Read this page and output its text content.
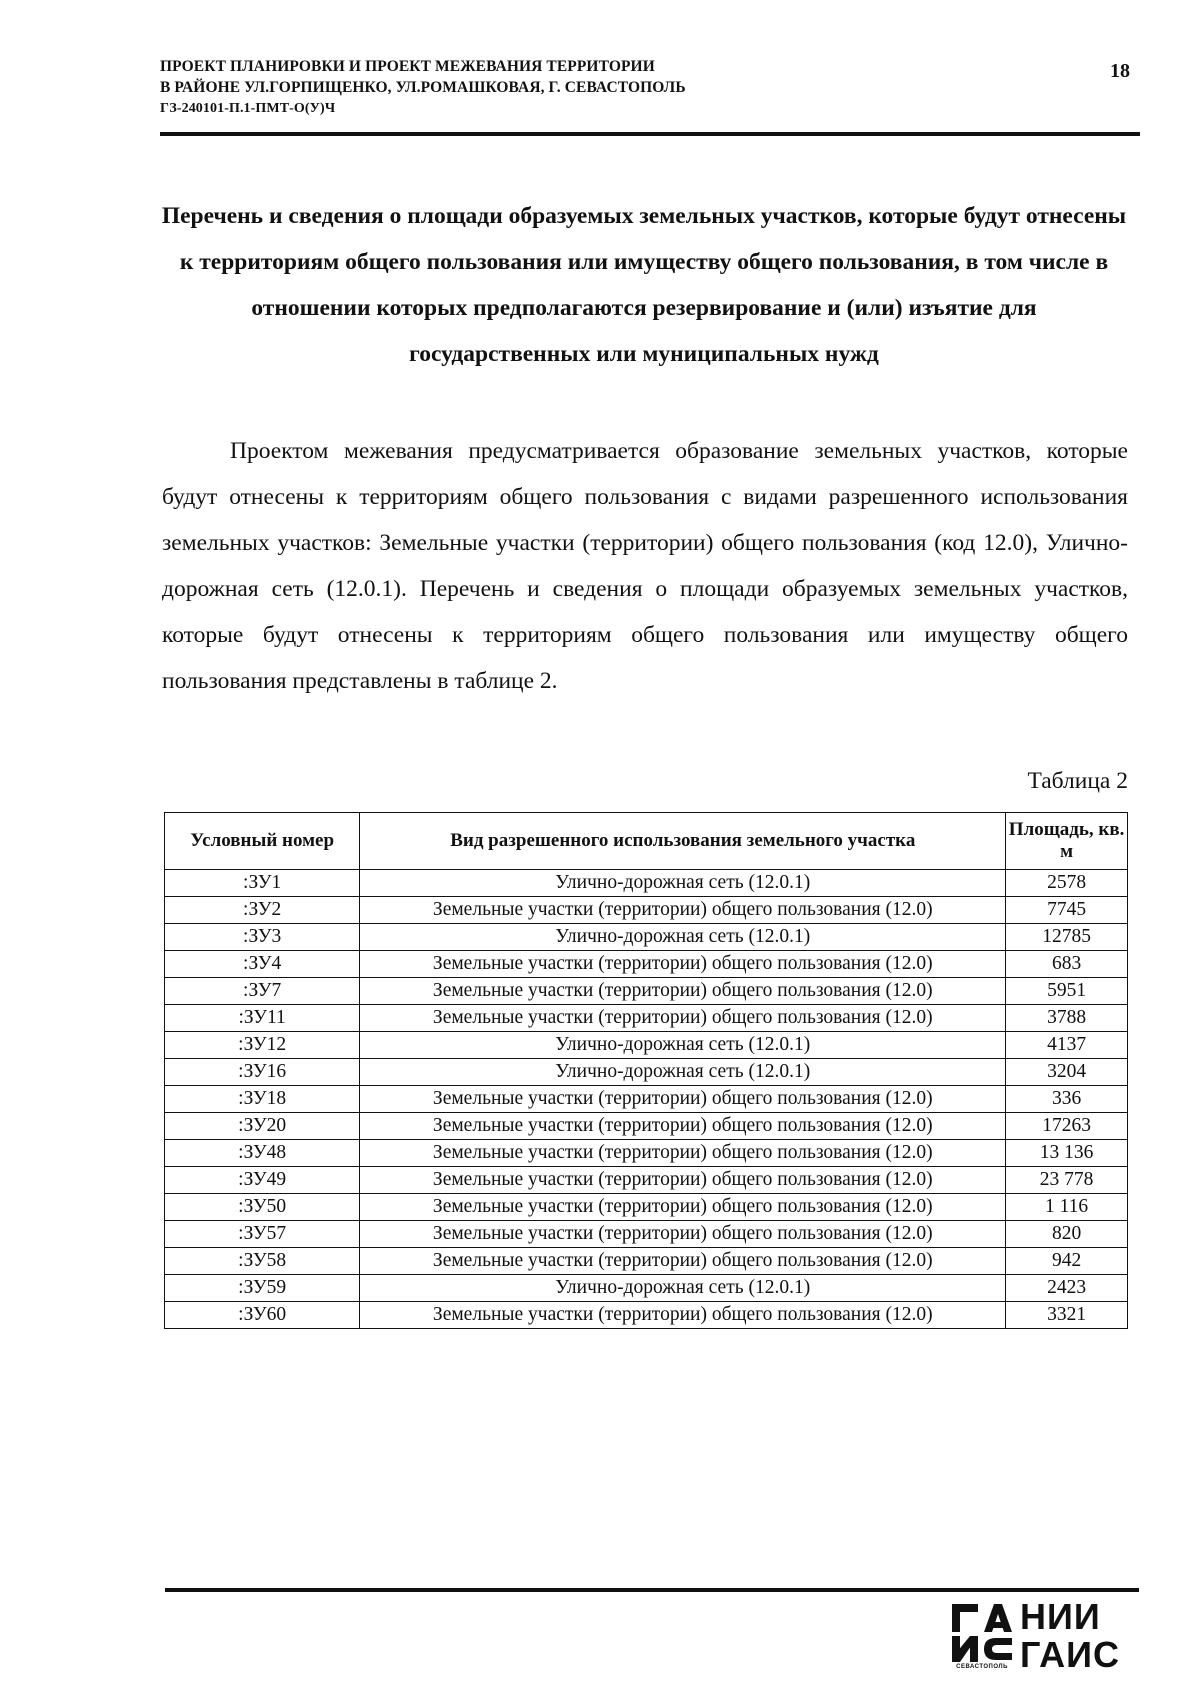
ПРОЕКТ ПЛАНИРОВКИ И ПРОЕКТ МЕЖЕВАНИЯ ТЕРРИТОРИИ
В РАЙОНЕ УЛ.ГОРПИЩЕНКО, УЛ.РОМАШКОВАЯ, Г. СЕВАСТОПОЛЬ
ГЗ-240101-П.1-ПМТ-О(У)Ч
18
Перечень и сведения о площади образуемых земельных участков, которые будут отнесены к территориям общего пользования или имуществу общего пользования, в том числе в отношении которых предполагаются резервирование и (или) изъятие для государственных или муниципальных нужд
Проектом межевания предусматривается образование земельных участков, которые будут отнесены к территориям общего пользования с видами разрешенного использования земельных участков: Земельные участки (территории) общего пользования (код 12.0), Улично-дорожная сеть (12.0.1). Перечень и сведения о площади образуемых земельных участков, которые будут отнесены к территориям общего пользования или имуществу общего пользования представлены в таблице 2.
Таблица 2
Условный номер	Вид разрешенного использования земельного участка	Площадь, кв. м
:ЗУ1	Улично-дорожная сеть (12.0.1)	2578
:ЗУ2	Земельные участки (территории) общего пользования (12.0)	7745
:ЗУ3	Улично-дорожная сеть (12.0.1)	12785
:ЗУ4	Земельные участки (территории) общего пользования (12.0)	683
:ЗУ7	Земельные участки (территории) общего пользования (12.0)	5951
:ЗУ11	Земельные участки (территории) общего пользования (12.0)	3788
:ЗУ12	Улично-дорожная сеть (12.0.1)	4137
:ЗУ16	Улично-дорожная сеть (12.0.1)	3204
:ЗУ18	Земельные участки (территории) общего пользования (12.0)	336
:ЗУ20	Земельные участки (территории) общего пользования (12.0)	17263
:ЗУ48	Земельные участки (территории) общего пользования (12.0)	13 136
:ЗУ49	Земельные участки (территории) общего пользования (12.0)	23 778
:ЗУ50	Земельные участки (территории) общего пользования (12.0)	1 116
:ЗУ57	Земельные участки (территории) общего пользования (12.0)	820
:ЗУ58	Земельные участки (территории) общего пользования (12.0)	942
:ЗУ59	Улично-дорожная сеть (12.0.1)	2423
:ЗУ60	Земельные участки (территории) общего пользования (12.0)	3321
СЕВАСТОПОЛЬ
НИИ
ГАИС
